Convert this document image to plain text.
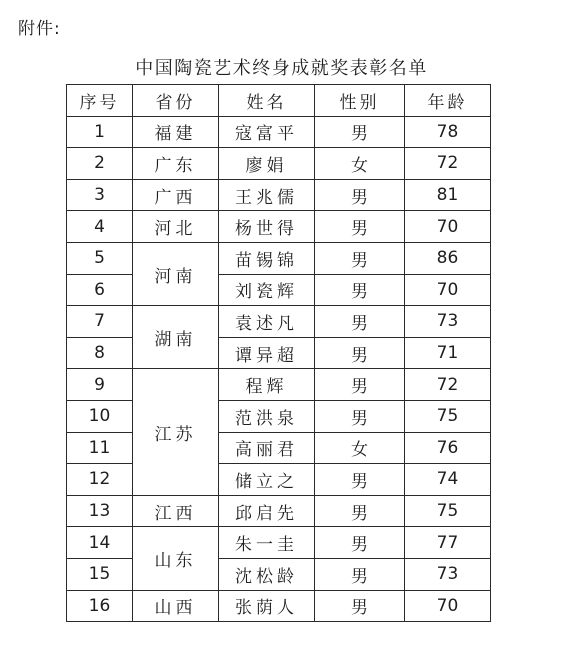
附件:
中国陶瓷艺术终身成就奖表彰名单
序号	省份	姓名	性别	年龄
1	福建	寇富平	男	78
2	广东	廖娟	女	72
3	广西	王兆儒	男	81
4	河北	杨世得	男	70
5	河南	苗锡锦	男	86
6		刘瓷辉	男	70
7	湖南	袁述凡	男	73
8		谭异超	男	71
9	江苏	程辉	男	72
10		范洪泉	男	75
11		高丽君	女	76
12		储立之	男	74
13	江西	邱启先	男	75
14	山东	朱一圭	男	77
15		沈松龄	男	73
16	山西	张荫人	男	70
